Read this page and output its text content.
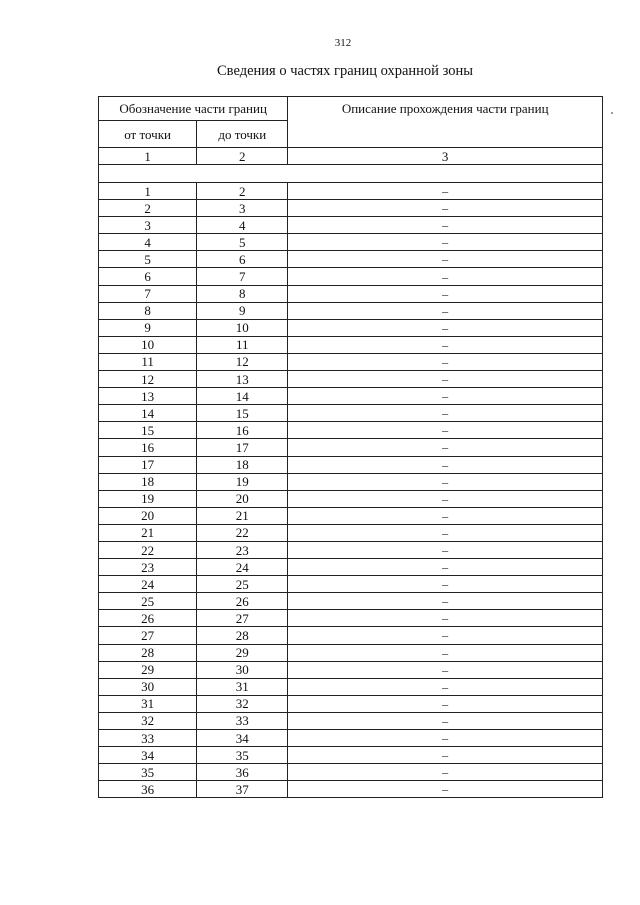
312
Сведения о частях границ охранной зоны
Обозначение части границ		Описание прохождения части границ
от точки	до точки	
1	2	3

1	2	–
2	3	–
3	4	–
4	5	–
5	6	–
6	7	–
7	8	–
8	9	–
9	10	–
10	11	–
11	12	–
12	13	–
13	14	–
14	15	–
15	16	–
16	17	–
17	18	–
18	19	–
19	20	–
20	21	–
21	22	–
22	23	–
23	24	–
24	25	–
25	26	–
26	27	–
27	28	–
28	29	–
29	30	–
30	31	–
31	32	–
32	33	–
33	34	–
34	35	–
35	36	–
36	37	–
